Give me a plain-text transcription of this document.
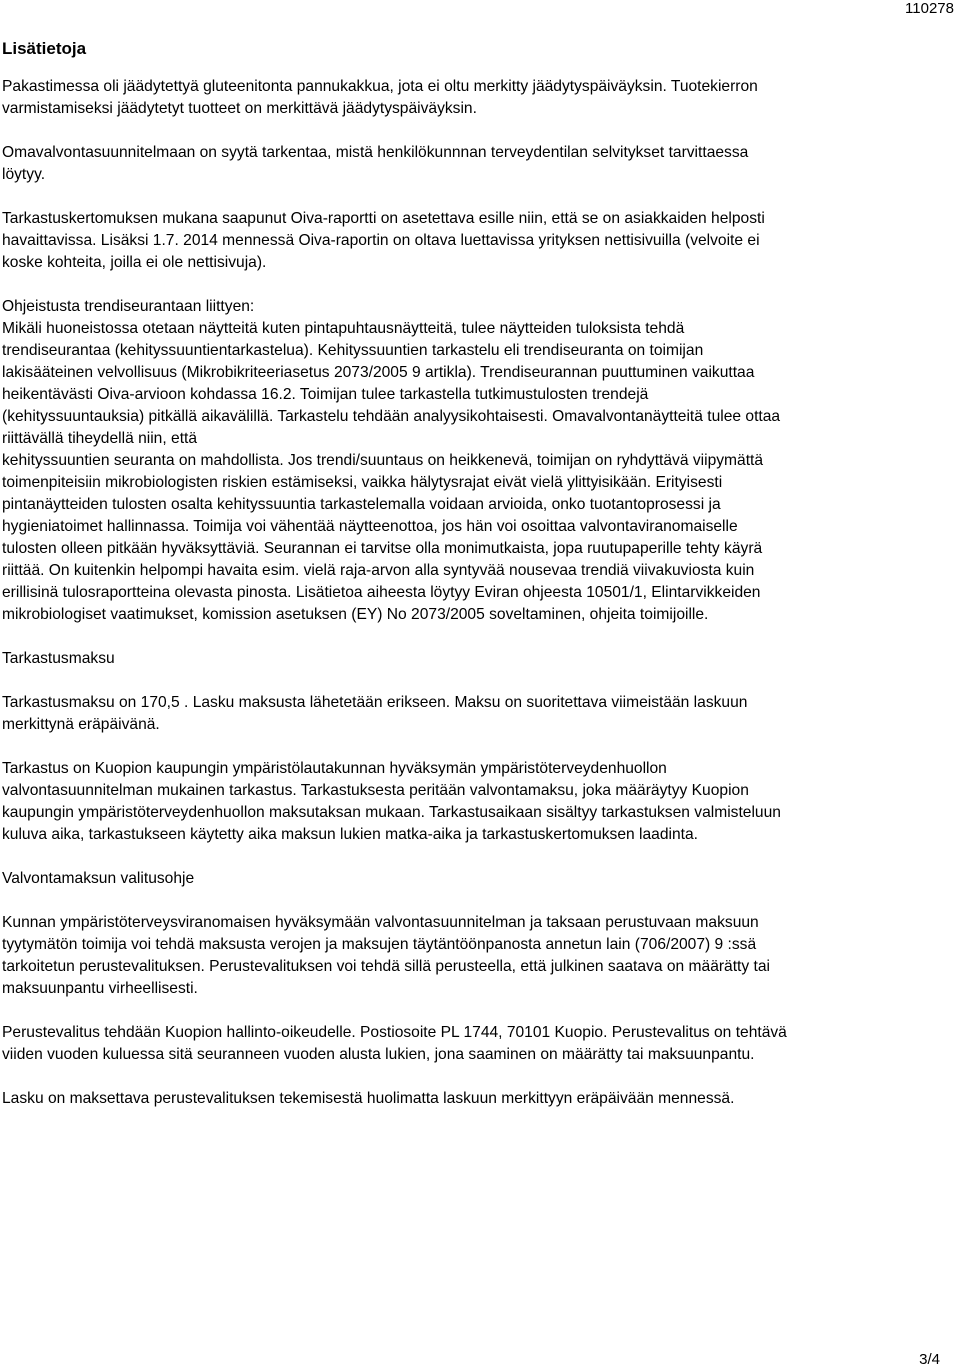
110278
Lisätietoja
Pakastimessa oli jäädytettyä gluteenitonta pannukakkua, jota ei oltu merkitty jäädytyspäiväyksin. Tuotekierron
varmistamiseksi jäädytetyt tuotteet on merkittävä jäädytyspäiväyksin.
Omavalvontasuunnitelmaan on syytä tarkentaa, mistä henkilökunnnan terveydentilan selvitykset tarvittaessa
löytyy.
Tarkastuskertomuksen mukana saapunut Oiva-raportti on asetettava esille niin, että se on asiakkaiden helposti
havaittavissa. Lisäksi 1.7. 2014 mennessä Oiva-raportin on oltava luettavissa yrityksen nettisivuilla (velvoite ei
koske kohteita, joilla ei ole nettisivuja).
Ohjeistusta trendiseurantaan liittyen:
Mikäli huoneistossa otetaan näytteitä kuten pintapuhtausnäytteitä, tulee näytteiden tuloksista tehdä
trendiseurantaa (kehityssuuntientarkastelua). Kehityssuuntien tarkastelu eli trendiseuranta on toimijan
lakisääteinen velvollisuus (Mikrobikriteeriasetus 2073/2005 9 artikla). Trendiseurannan puuttuminen vaikuttaa
heikentävästi Oiva-arvioon kohdassa 16.2. Toimijan tulee tarkastella tutkimustulosten trendejä
(kehityssuuntauksia) pitkällä aikavälillä. Tarkastelu tehdään analyysikohtaisesti. Omavalvontanäytteitä tulee ottaa
riittävällä tiheydellä niin, että
kehityssuuntien seuranta on mahdollista. Jos trendi/suuntaus on heikkenevä, toimijan on ryhdyttävä viipymättä
toimenpiteisiin mikrobiologisten riskien estämiseksi, vaikka hälytysrajat eivät vielä ylittyisikään. Erityisesti
pintanäytteiden tulosten osalta kehityssuuntia tarkastelemalla voidaan arvioida, onko tuotantoprosessi ja
hygieniatoimet hallinnassa. Toimija voi vähentää näytteenottoa, jos hän voi osoittaa valvontaviranomaiselle
tulosten olleen pitkään hyväksyttäviä. Seurannan ei tarvitse olla monimutkaista, jopa ruutupaperille tehty käyrä
riittää. On kuitenkin helpompi havaita esim. vielä raja-arvon alla syntyvää nousevaa trendiä viivakuviosta kuin
erillisinä tulosraportteina olevasta pinosta. Lisätietoa aiheesta löytyy Eviran ohjeesta 10501/1, Elintarvikkeiden
mikrobiologiset vaatimukset, komission asetuksen (EY) No 2073/2005 soveltaminen, ohjeita toimijoille.
Tarkastusmaksu
Tarkastusmaksu on 170,5 . Lasku maksusta lähetetään erikseen. Maksu on suoritettava viimeistään laskuun
merkittynä eräpäivänä.
Tarkastus on Kuopion kaupungin ympäristölautakunnan hyväksymän ympäristöterveydenhuollon
valvontasuunnitelman mukainen tarkastus. Tarkastuksesta peritään valvontamaksu, joka määräytyy Kuopion
kaupungin ympäristöterveydenhuollon maksutaksan mukaan. Tarkastusaikaan sisältyy tarkastuksen valmisteluun
kuluva aika, tarkastukseen käytetty aika maksun lukien matka-aika ja tarkastuskertomuksen laadinta.
Valvontamaksun valitusohje
Kunnan ympäristöterveysviranomaisen hyväksymään valvontasuunnitelman ja taksaan perustuvaan maksuun
tyytymätön toimija voi tehdä maksusta verojen ja maksujen täytäntöönpanosta annetun lain (706/2007) 9 :ssä
tarkoitetun perustevalituksen. Perustevalituksen voi tehdä sillä perusteella, että julkinen saatava on määrätty tai
maksuunpantu virheellisesti.
Perustevalitus tehdään Kuopion hallinto-oikeudelle. Postiosoite PL 1744, 70101 Kuopio. Perustevalitus on tehtävä
viiden vuoden kuluessa sitä seuranneen vuoden alusta lukien, jona saaminen on määrätty tai maksuunpantu.
Lasku on maksettava perustevalituksen tekemisestä huolimatta laskuun merkittyyn eräpäivään mennessä.
3/4
